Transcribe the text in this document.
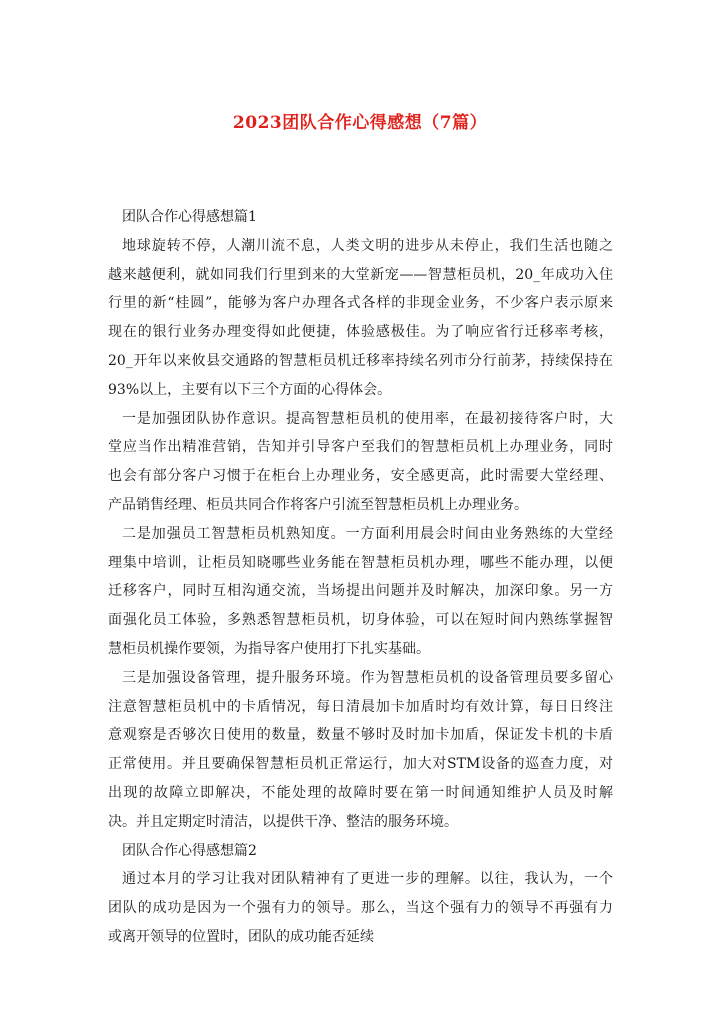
2023团队合作心得感想（7篇）

团队合作心得感想篇1

地球旋转不停，人潮川流不息，人类文明的进步从未停止，我们生活也随之

越来越便利，就如同我们行里到来的大堂新宠——智慧柜员机，20_年成功入住

行里的新“桂圆”，能够为客户办理各式各样的非现金业务，不少客户表示原来

现在的银行业务办理变得如此便捷，体验感极佳。为了响应省行迁移率考核，

20_开年以来攸县交通路的智慧柜员机迁移率持续名列市分行前茅，持续保持在

93%以上，主要有以下三个方面的心得体会。

一是加强团队协作意识。提高智慧柜员机的使用率，在最初接待客户时，大

堂应当作出精准营销，告知并引导客户至我们的智慧柜员机上办理业务，同时

也会有部分客户习惯于在柜台上办理业务，安全感更高，此时需要大堂经理、

产品销售经理、柜员共同合作将客户引流至智慧柜员机上办理业务。

二是加强员工智慧柜员机熟知度。一方面利用晨会时间由业务熟练的大堂经

理集中培训，让柜员知晓哪些业务能在智慧柜员机办理，哪些不能办理，以便

迁移客户，同时互相沟通交流，当场提出问题并及时解决，加深印象。另一方

面强化员工体验，多熟悉智慧柜员机，切身体验，可以在短时间内熟练掌握智

慧柜员机操作要领，为指导客户使用打下扎实基础。

三是加强设备管理，提升服务环境。作为智慧柜员机的设备管理员要多留心

注意智慧柜员机中的卡盾情况，每日清晨加卡加盾时均有效计算，每日日终注

意观察是否够次日使用的数量，数量不够时及时加卡加盾，保证发卡机的卡盾

正常使用。并且要确保智慧柜员机正常运行，加大对STM设备的巡查力度，对

出现的故障立即解决，不能处理的故障时要在第一时间通知维护人员及时解

决。并且定期定时清洁，以提供干净、整洁的服务环境。

团队合作心得感想篇2

通过本月的学习让我对团队精神有了更进一步的理解。以往，我认为，一个

团队的成功是因为一个强有力的领导。那么，当这个强有力的领导不再强有力

或离开领导的位置时，团队的成功能否延续
